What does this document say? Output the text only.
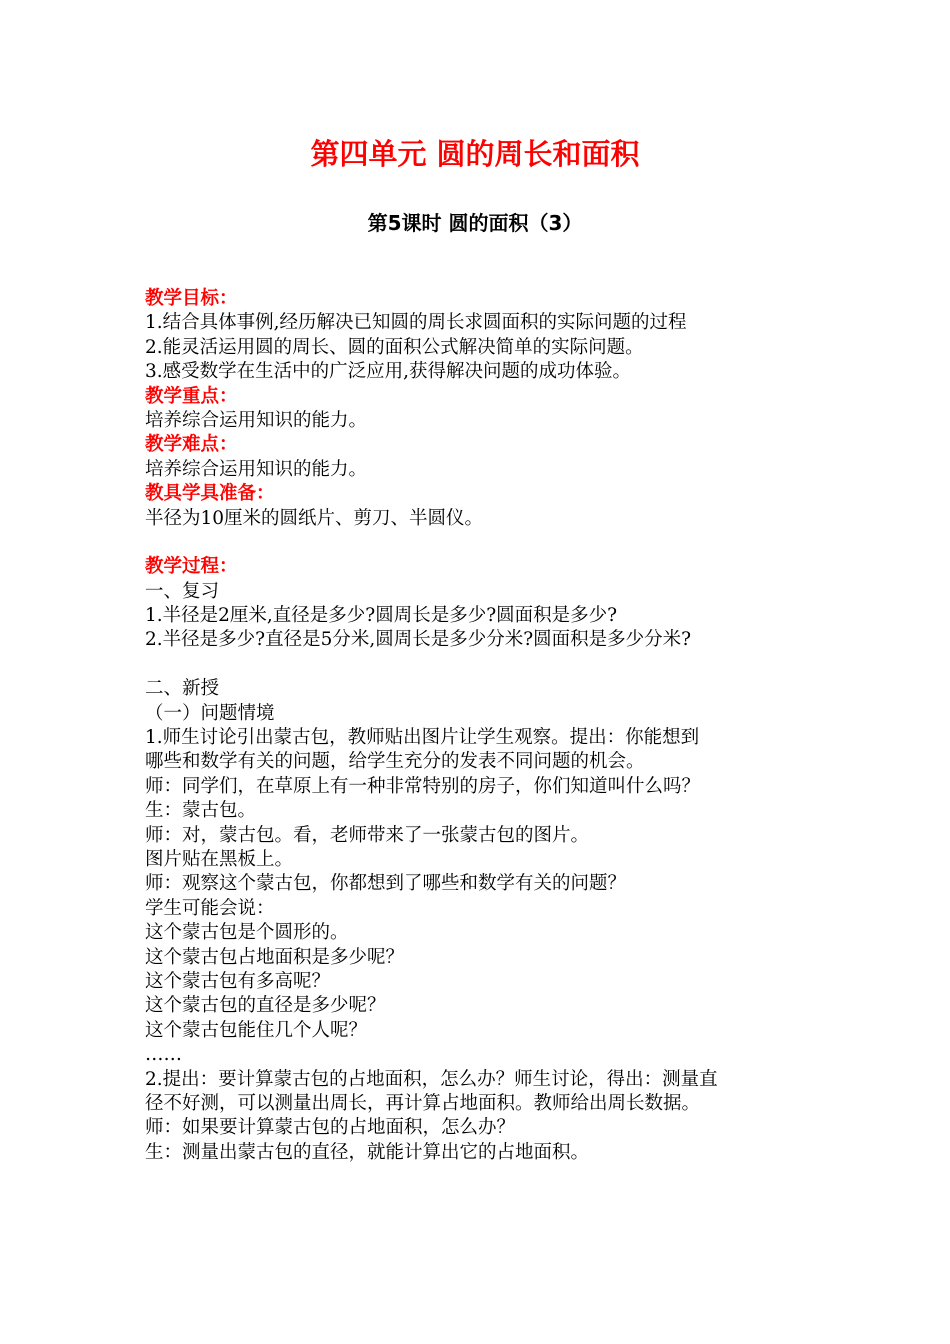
第四单元 圆的周长和面积
第5课时 圆的面积（3）
教学目标：
1.结合具体事例,经历解决已知圆的周长求圆面积的实际问题的过程
2.能灵活运用圆的周长、圆的面积公式解决简单的实际问题。
3.感受数学在生活中的广泛应用,获得解决问题的成功体验。
教学重点：
培养综合运用知识的能力。
教学难点：
培养综合运用知识的能力。
教具学具准备：
半径为10厘米的圆纸片、剪刀、半圆仪。
教学过程：
一、复习
1.半径是2厘米,直径是多少?圆周长是多少?圆面积是多少?
2.半径是多少?直径是5分米,圆周长是多少分米?圆面积是多少分米?
二、新授
（一）问题情境
1.师生讨论引出蒙古包，教师贴出图片让学生观察。提出：你能想到
哪些和数学有关的问题，给学生充分的发表不同问题的机会。
师：同学们，在草原上有一种非常特别的房子，你们知道叫什么吗？
生：蒙古包。
师：对，蒙古包。看，老师带来了一张蒙古包的图片。
图片贴在黑板上。
师：观察这个蒙古包，你都想到了哪些和数学有关的问题？
学生可能会说：
这个蒙古包是个圆形的。
这个蒙古包占地面积是多少呢？
这个蒙古包有多高呢？
这个蒙古包的直径是多少呢？
这个蒙古包能住几个人呢？
……
2.提出：要计算蒙古包的占地面积，怎么办？师生讨论，得出：测量直
径不好测，可以测量出周长，再计算占地面积。教师给出周长数据。
师：如果要计算蒙古包的占地面积，怎么办？
生：测量出蒙古包的直径，就能计算出它的占地面积。
